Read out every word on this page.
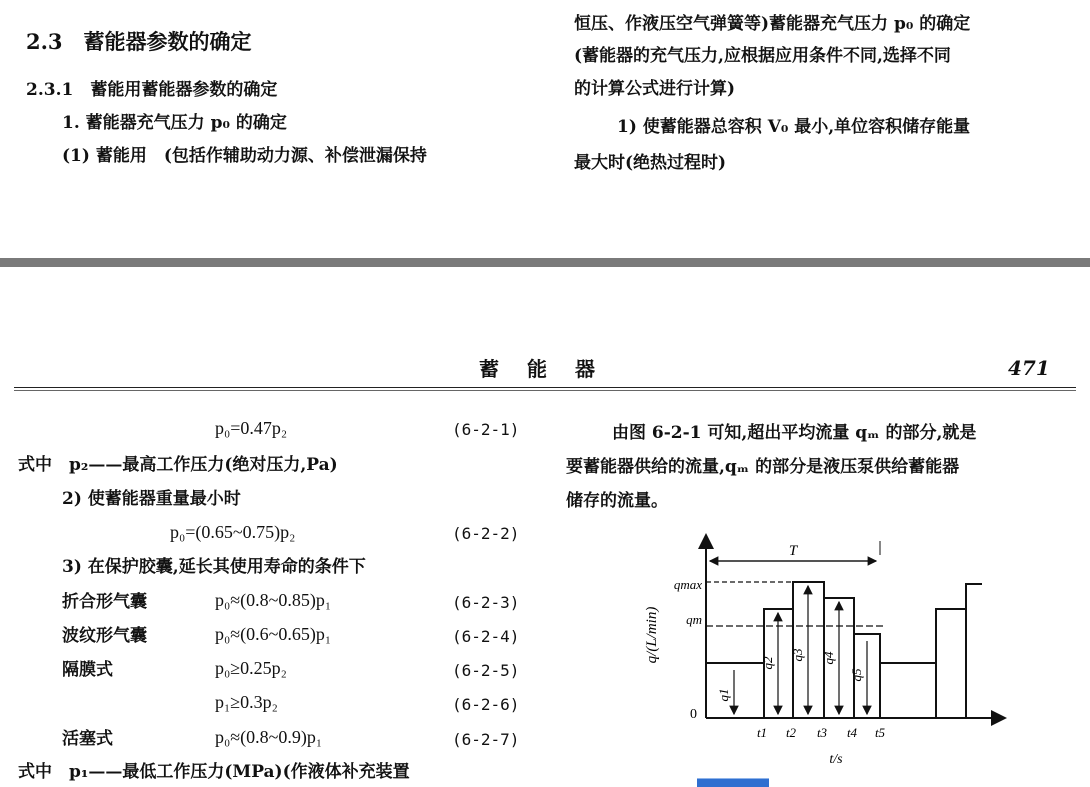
2.3　蓄能器参数的确定
2.3.1　蓄能用蓄能器参数的确定
1. 蓄能器充气压力 p₀ 的确定
(1) 蓄能用　(包括作辅助动力源、补偿泄漏保持
恒压、作液压空气弹簧等)蓄能器充气压力 p₀ 的确定
(蓄能器的充气压力,应根据应用条件不同,选择不同
的计算公式进行计算)
1) 使蓄能器总容积 V₀ 最小,单位容积储存能量
最大时(绝热过程时)
蓄　能　器	471
p₀=0.47p₂	(6-2-1)
式中　p₂——最高工作压力(绝对压力,Pa)
2) 使蓄能器重量最小时
p₀=(0.65~0.75)p₂	(6-2-2)
3) 在保护胶囊,延长其使用寿命的条件下
折合形气囊	p₀≈(0.8~0.85)p₁	(6-2-3)
波纹形气囊	p₀≈(0.6~0.65)p₁	(6-2-4)
隔膜式	p₀≥0.25p₂	(6-2-5)
p₁≥0.3p₂	(6-2-6)
活塞式	p₀≈(0.8~0.9)p₁	(6-2-7)
式中　p₁——最低工作压力(MPa)(作液体补充装置
由图 6-2-1 可知,超出平均流量 qₘ 的部分,就是
要蓄能器供给的流量,qₘ 的部分是液压泵供给蓄能器
储存的流量。
qmax
qm
T
0
q/(L/min)
t/s
q1
q2
q3 q4
q5
t1 t2 t3 t4 t5
